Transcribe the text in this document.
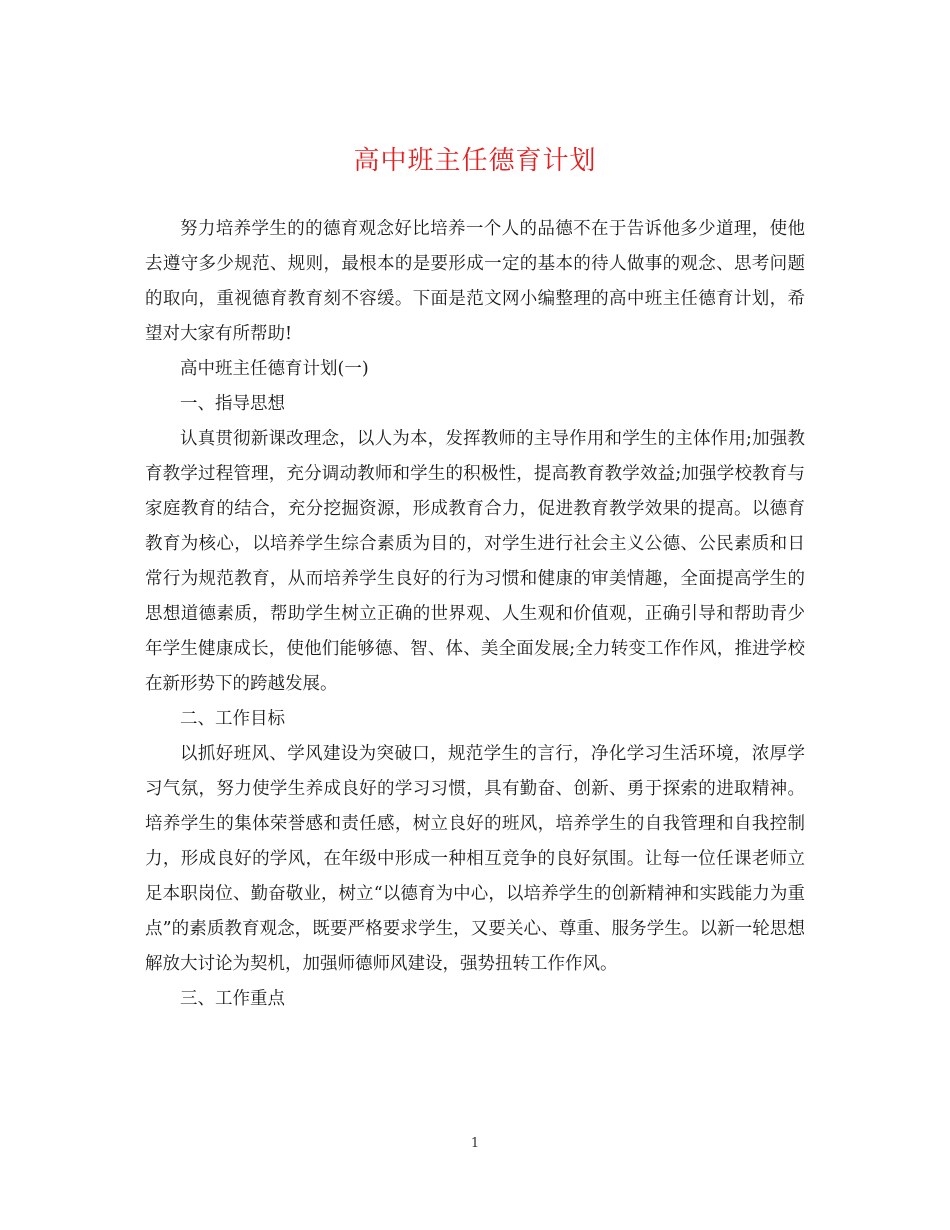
高中班主任德育计划

努力培养学生的的德育观念好比培养一个人的品德不在于告诉他多少道理，使他去遵守多少规范、规则，最根本的是要形成一定的基本的待人做事的观念、思考问题的取向，重视德育教育刻不容缓。下面是范文网小编整理的高中班主任德育计划，希望对大家有所帮助!

高中班主任德育计划(一)

一、指导思想

认真贯彻新课改理念，以人为本，发挥教师的主导作用和学生的主体作用;加强教育教学过程管理，充分调动教师和学生的积极性，提高教育教学效益;加强学校教育与家庭教育的结合，充分挖掘资源，形成教育合力，促进教育教学效果的提高。以德育教育为核心，以培养学生综合素质为目的，对学生进行社会主义公德、公民素质和日常行为规范教育，从而培养学生良好的行为习惯和健康的审美情趣，全面提高学生的思想道德素质，帮助学生树立正确的世界观、人生观和价值观，正确引导和帮助青少年学生健康成长，使他们能够德、智、体、美全面发展;全力转变工作作风，推进学校在新形势下的跨越发展。

二、工作目标

以抓好班风、学风建设为突破口，规范学生的言行，净化学习生活环境，浓厚学习气氛，努力使学生养成良好的学习习惯，具有勤奋、创新、勇于探索的进取精神。培养学生的集体荣誉感和责任感，树立良好的班风，培养学生的自我管理和自我控制力，形成良好的学风，在年级中形成一种相互竞争的良好氛围。让每一位任课老师立足本职岗位、勤奋敬业，树立“以德育为中心，以培养学生的创新精神和实践能力为重点”的素质教育观念，既要严格要求学生，又要关心、尊重、服务学生。以新一轮思想解放大讨论为契机，加强师德师风建设，强势扭转工作作风。

三、工作重点

1
